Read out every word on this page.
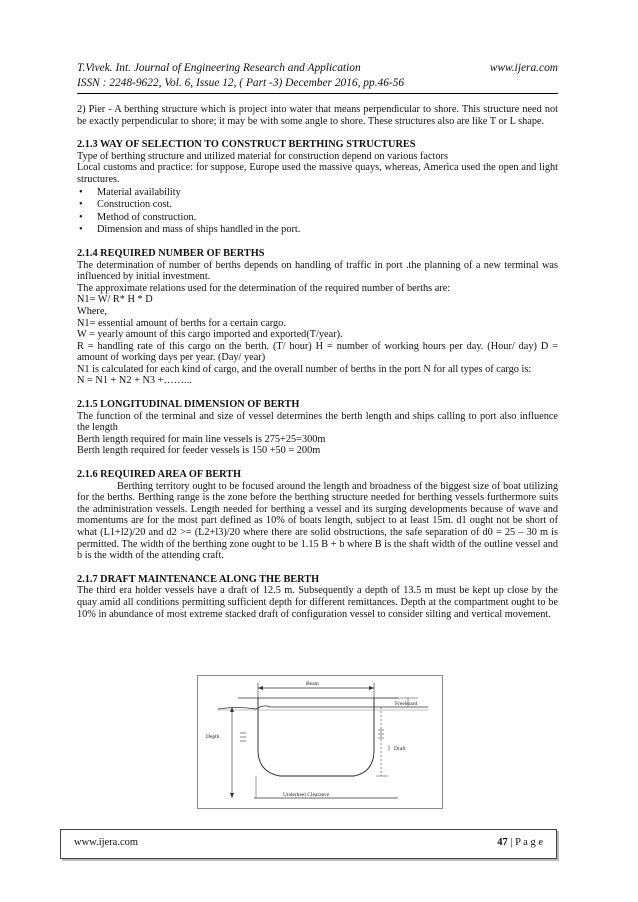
T.Vivek. Int. Journal of Engineering Research and Application	www.ijera.com
ISSN : 2248-9622, Vol. 6, Issue 12, ( Part -3) December 2016, pp.46-56

2) Pier - A berthing structure which is project into water that means perpendicular to shore. This structure need not be exactly perpendicular to shore; it may be with some angle to shore. These structures also are like T or L shape.

2.1.3 WAY OF SELECTION TO CONSTRUCT BERTHING STRUCTURES

Type of berthing structure and utilized material for construction depend on various factors

Local customs and practice: for suppose, Europe used the massive quays, whereas, America used the open and light structures.

• Material availability
• Construction cost.
• Method of construction.
• Dimension and mass of ships handled in the port.

2.1.4 REQUIRED NUMBER OF BERTHS

The determination of number of berths depends on handling of traffic in port .the planning of a new terminal was influenced by initial investment.

The approximate relations used for the determination of the required number of berths are:

N1= W/ R* H * D

Where,

N1= essential amount of berths for a certain cargo.

W = yearly amount of this cargo imported and exported(T/year).

R = handling rate of this cargo on the berth. (T/ hour) H = number of working hours per day. (Hour/ day) D = amount of working days per year. (Day/ year)

N1 is calculated for each kind of cargo, and the overall number of berths in the port N for all types of cargo is:

N = N1 + N2 + N3 +……...

2.1.5 LONGITUDINAL DIMENSION OF BERTH

The function of the terminal and size of vessel determines the berth length and ships calling to port also influence the length

Berth length required for main line vessels is 275+25=300m

Berth length required for feeder vessels is 150 +50 = 200m

2.1.6 REQUIRED AREA OF BERTH

Berthing territory ought to be focused around the length and broadness of the biggest size of boat utilizing for the berths. Berthing range is the zone before the berthing structure needed for berthing vessels furthermore suits the administration vessels. Length needed for berthing a vessel and its surging developments because of wave and momentums are for the most part defined as 10% of boats length, subject to at least 15m. d1 ought not be short of what (L1+l2)/20 and d2 >= (L2+l3)/20 where there are solid obstructions, the safe separation of d0 = 25 – 30 m is permitted. The width of the berthing zone ought to be 1.15 B + b where B is the shaft width of the outline vessel and b is the width of the attending craft.

2.1.7 DRAFT MAINTENANCE ALONG THE BERTH

The third era holder vessels have a draft of 12.5 m. Subsequently a depth of 13.5 m must be kept up close by the quay amid all conditions permitting sufficient depth for different remittances. Depth at the compartment ought to be 10% in abundance of most extreme stacked draft of configuration vessel to consider silting and vertical movement.

Beam
Freeboard
Depth
Draft
Underkeel Clearance
www.ijera.com	47 | P a g e
